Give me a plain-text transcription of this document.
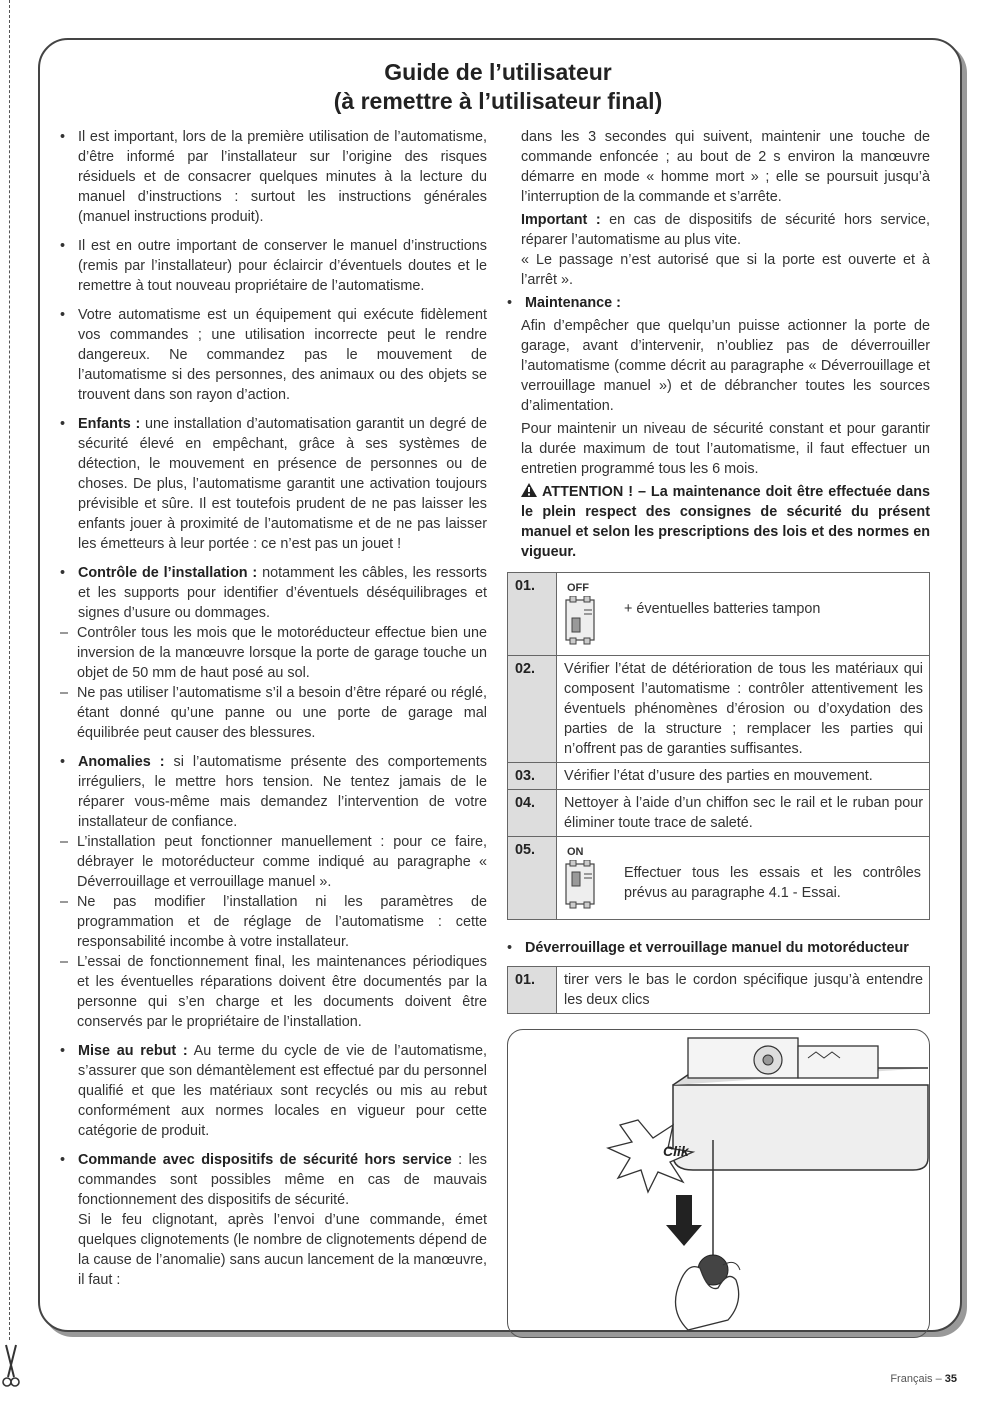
Guide de l’utilisateur
(à remettre à l’utilisateur final)
• Il est important, lors de la première utilisation de l’automatisme, d’être informé par l’installateur sur l’origine des risques résiduels et de consacrer quelques minutes à la lecture du manuel d’instructions : surtout les instructions générales (manuel instructions produit).
• Il est en outre important de conserver le manuel d’instructions (remis par l’installateur) pour éclaircir d’éventuels doutes et le remettre à tout nouveau propriétaire de l’automatisme.
• Votre automatisme est un équipement qui exécute fidèlement vos commandes ; une utilisation incorrecte peut le rendre dangereux. Ne commandez pas le mouvement de l’automatisme si des personnes, des animaux ou des objets se trouvent dans son rayon d’action.
• Enfants : une installation d’automatisation garantit un degré de sécurité élevé en empêchant, grâce à ses systèmes de détection, le mouvement en présence de personnes ou de choses. De plus, l’automatisme garantit une activation toujours prévisible et sûre. Il est toutefois prudent de ne pas laisser les enfants jouer à proximité de l’automatisme et de ne pas laisser les émetteurs à leur portée : ce n’est pas un jouet !
• Contrôle de l’installation : notamment les câbles, les ressorts et les supports pour identifier d’éventuels déséquilibrages et signes d’usure ou dommages.
– Contrôler tous les mois que le motoréducteur effectue bien une inversion de la manœuvre lorsque la porte de garage touche un objet de 50 mm de haut posé au sol.
– Ne pas utiliser l’automatisme s’il a besoin d’être réparé ou réglé, étant donné qu’une panne ou une porte de garage mal équilibrée peut causer des blessures.
• Anomalies : si l’automatisme présente des comportements irréguliers, le mettre hors tension. Ne tentez jamais de le réparer vous-même mais demandez l’intervention de votre installateur de confiance.
– L’installation peut fonctionner manuellement : pour ce faire, débrayer le motoréducteur comme indiqué au paragraphe « Déverrouillage et verrouillage manuel ».
– Ne pas modifier l’installation ni les paramètres de programmation et de réglage de l’automatisme : cette responsabilité incombe à votre installateur.
– L’essai de fonctionnement final, les maintenances périodiques et les éventuelles réparations doivent être documentés par la personne qui s’en charge et les documents doivent être conservés par le propriétaire de l’installation.
• Mise au rebut : Au terme du cycle de vie de l’automatisme, s’assurer que son démantèlement est effectué par du personnel qualifié et que les matériaux sont recyclés ou mis au rebut conformément aux normes locales en vigueur pour cette catégorie de produit.
• Commande avec dispositifs de sécurité hors service : les commandes sont possibles même en cas de mauvais fonctionnement des dispositifs de sécurité.
Si le feu clignotant, après l’envoi d’une commande, émet quelques clignotements (le nombre de clignotements dépend de la cause de l’anomalie) sans aucun lancement de la manœuvre, il faut :
dans les 3 secondes qui suivent, maintenir une touche de commande enfoncée ; au bout de 2 s environ la manœuvre démarre en mode « homme mort » ; elle se poursuit jusqu’à l’interruption de la commande et s’arrête.
Important : en cas de dispositifs de sécurité hors service, réparer l’automatisme au plus vite.
« Le passage n’est autorisé que si la porte est ouverte et à l’arrêt ».
• Maintenance :
Afin d’empêcher que quelqu’un puisse actionner la porte de garage, avant d’intervenir, n’oubliez pas de déverrouiller l’automatisme (comme décrit au paragraphe « Déverrouillage et verrouillage manuel ») et de débrancher toutes les sources d’alimentation.
Pour maintenir un niveau de sécurité constant et pour garantir la durée maximum de tout l’automatisme, il faut effectuer un entretien programmé tous les 6 mois.
ATTENTION ! – La maintenance doit être effectuée dans le plein respect des consignes de sécurité du présent manuel et selon les prescriptions des lois et des normes en vigueur.
01.	OFF
+ éventuelles batteries tampon

02.	Vérifier l’état de détérioration de tous les matériaux qui composent l’automatisme : contrôler attentivement les éventuels phénomènes d’érosion ou d’oxydation des parties de la structure ; remplacer les parties qui n’offrent pas de garanties suffisantes.
03.	Vérifier l’état d’usure des parties en mouvement.
04.	Nettoyer à l’aide d’un chiffon sec le rail et le ruban pour éliminer toute trace de saleté.
05.	ON
Effectuer tous les essais et les contrôles prévus au paragraphe 4.1 - Essai.
• Déverrouillage et verrouillage manuel du motoréducteur
01.	tirer vers le bas le cordon spécifique jusqu’à entendre les deux clics
Clik
Français – 35
